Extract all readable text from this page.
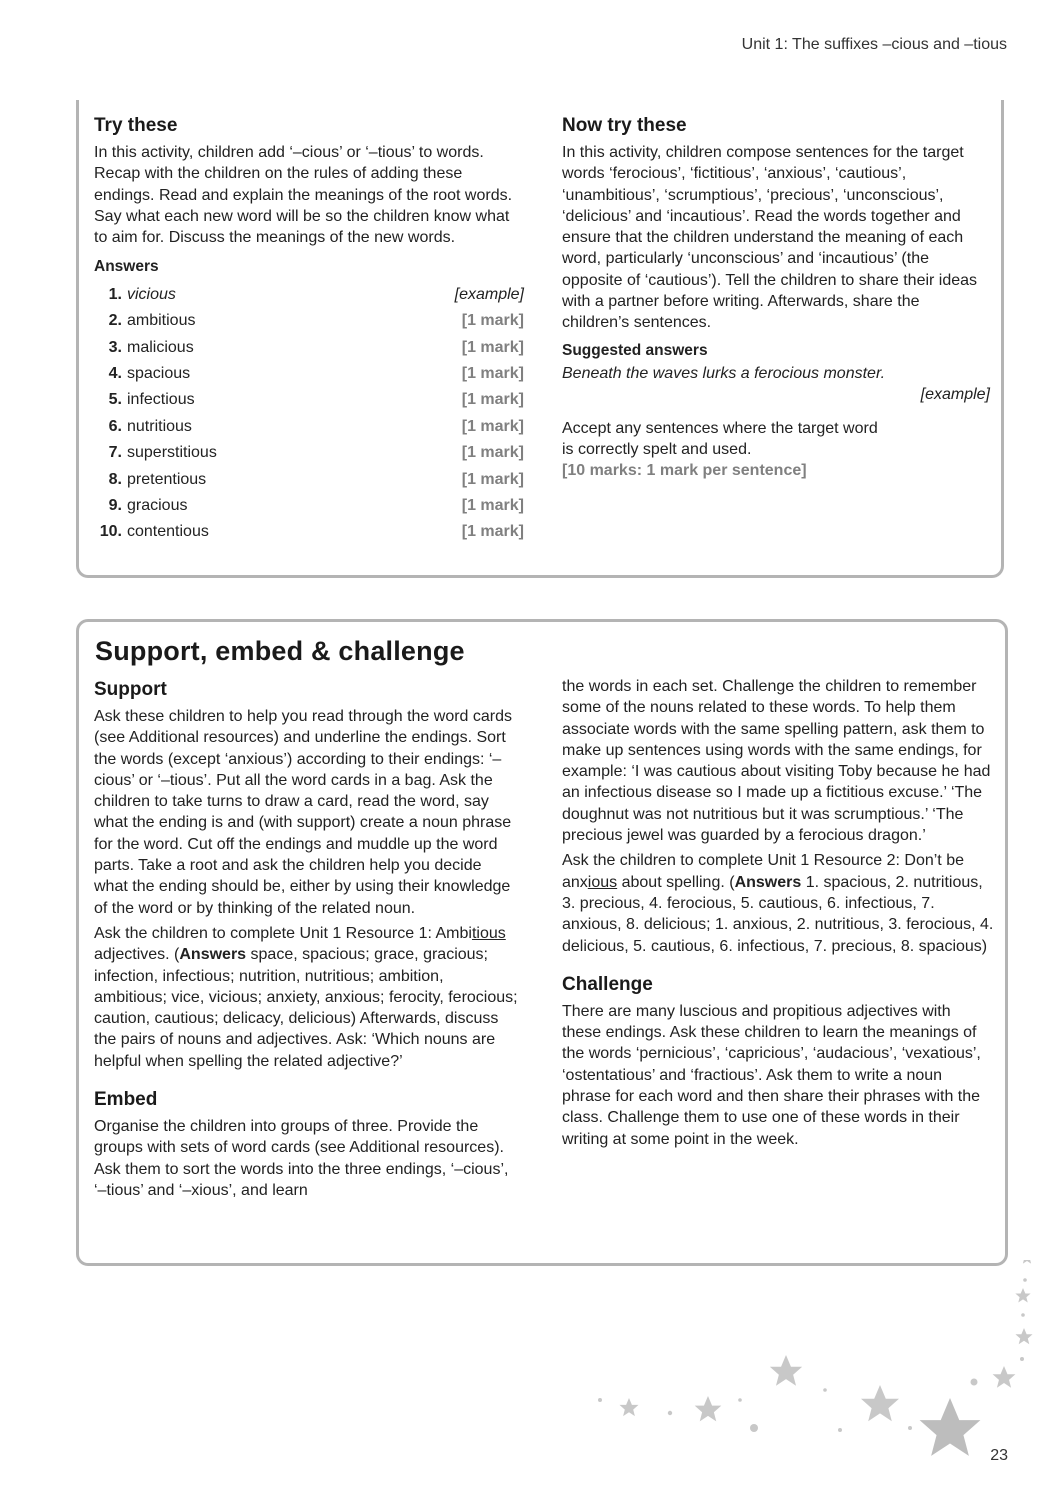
Unit 1: The suffixes –cious and –tious
Try these

In this activity, children add ‘–cious’ or ‘–tious’ to words. Recap with the children on the rules of adding these endings. Read and explain the meanings of the root words. Say what each new word will be so the children know what to aim for. Discuss the meanings of the new words.

Answers
1. vicious	[example]
2. ambitious	[1 mark]
3. malicious	[1 mark]
4. spacious	[1 mark]
5. infectious	[1 mark]
6. nutritious	[1 mark]
7. superstitious	[1 mark]
8. pretentious	[1 mark]
9. gracious	[1 mark]
10. contentious	[1 mark]
Now try these

In this activity, children compose sentences for the target words ‘ferocious’, ‘fictitious’, ‘anxious’, ‘cautious’, ‘unambitious’, ‘scrumptious’, ‘precious’, ‘unconscious’, ‘delicious’ and ‘incautious’. Read the words together and ensure that the children understand the meaning of each word, particularly ‘unconscious’ and ‘incautious’ (the opposite of ‘cautious’). Tell the children to share their ideas with a partner before writing. Afterwards, share the children’s sentences.

Suggested answers

Beneath the waves lurks a ferocious monster.

[example]

Accept any sentences where the target word is correctly spelt and used.

[10 marks: 1 mark per sentence]

Support, embed & challenge
Support

Ask these children to help you read through the word cards (see Additional resources) and underline the endings. Sort the words (except ‘anxious’) according to their endings: ‘–cious’ or ‘–tious’. Put all the word cards in a bag. Ask the children to take turns to draw a card, read the word, say what the ending is and (with support) create a noun phrase for the word. Cut off the endings and muddle up the word parts. Take a root and ask the children help you decide what the ending should be, either by using their knowledge of the word or by thinking of the related noun.

Ask the children to complete Unit 1 Resource 1: Ambitious adjectives. (Answers space, spacious; grace, gracious; infection, infectious; nutrition, nutritious; ambition, ambitious; vice, vicious; anxiety, anxious; ferocity, ferocious; caution, cautious; delicacy, delicious) Afterwards, discuss the pairs of nouns and adjectives. Ask: ‘Which nouns are helpful when spelling the related adjective?’

Embed

Organise the children into groups of three. Provide the groups with sets of word cards (see Additional resources). Ask them to sort the words into the three endings, ‘–cious’, ‘–tious’ and ‘–xious’, and learn

the words in each set. Challenge the children to remember some of the nouns related to these words. To help them associate words with the same spelling pattern, ask them to make up sentences using words with the same endings, for example: ‘I was cautious about visiting Toby because he had an infectious disease so I made up a fictitious excuse.’ ‘The doughnut was not nutritious but it was scrumptious.’ ‘The precious jewel was guarded by a ferocious dragon.’

Ask the children to complete Unit 1 Resource 2: Don’t be anxious about spelling. (Answers 1. spacious, 2. nutritious, 3. precious, 4. ferocious, 5. cautious, 6. infectious, 7. anxious, 8. delicious; 1. anxious, 2. nutritious, 3. ferocious, 4. delicious, 5. cautious, 6. infectious, 7. precious, 8. spacious)

Challenge

There are many luscious and propitious adjectives with these endings. Ask these children to learn the meanings of the words ‘pernicious’, ‘capricious’, ‘audacious’, ‘vexatious’, ‘ostentatious’ and ‘fractious’. Ask them to write a noun phrase for each word and then share their phrases with the class. Challenge them to use one of these words in their writing at some point in the week.

23
